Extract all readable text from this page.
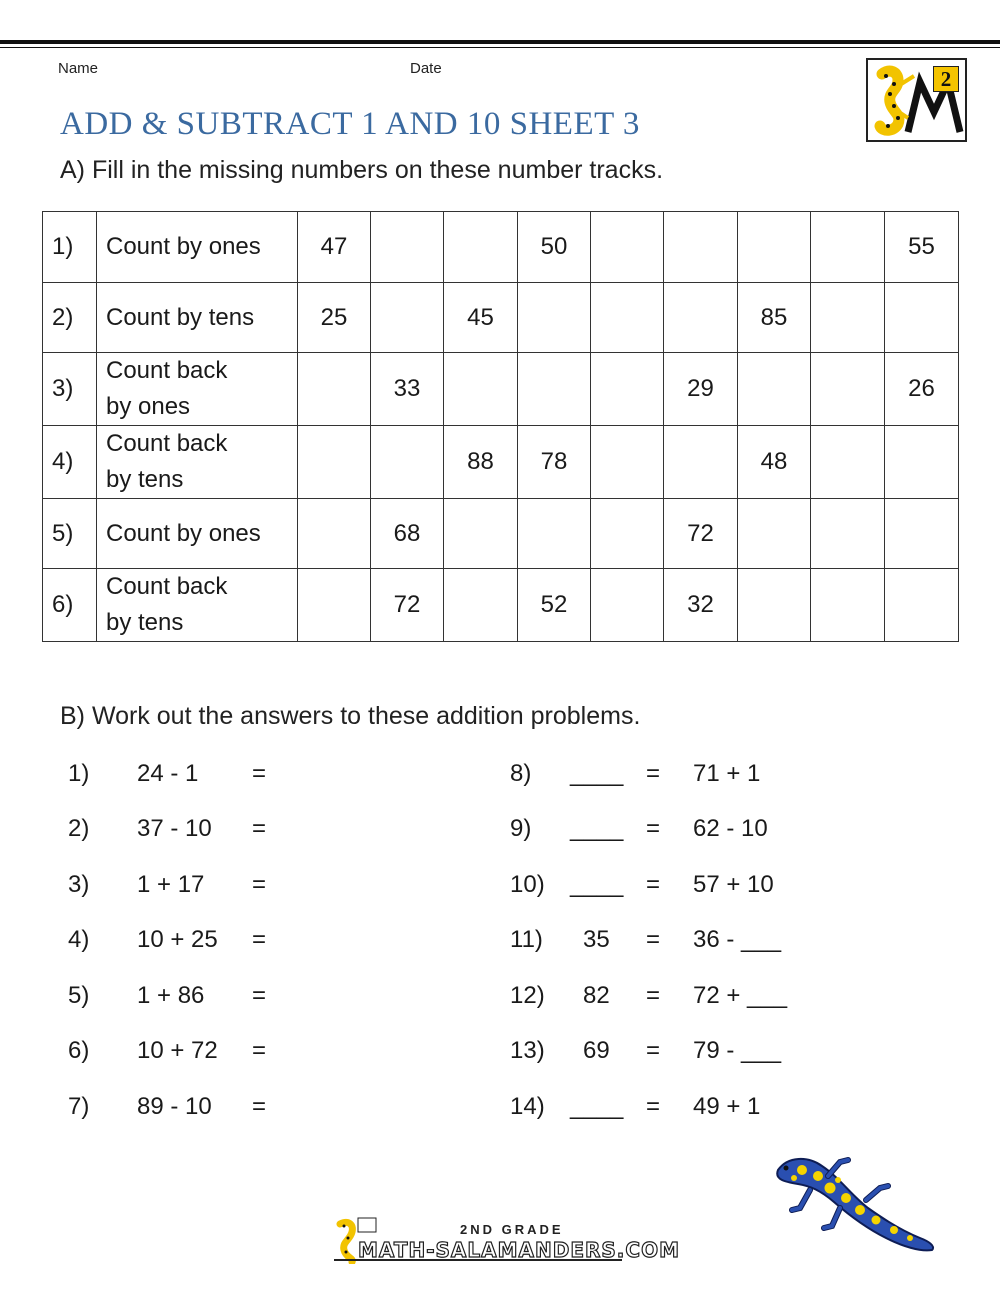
Name	Date	2
ADD & SUBTRACT 1 AND 10 SHEET 3
A) Fill in the missing numbers on these number tracks.
1)	Count by ones	47			50					55
2)	Count by tens	25		45				85		
3)	Count back
by ones		33				29			26
4)	Count back
by tens			88	78			48		
5)	Count by ones		68				72			
6)	Count back
by tens		72		52		32			
B) Work out the answers to these addition problems.
1) 24 - 1 =
2) 37 - 10 =
3) 1 + 17 =
4) 10 + 25 =
5) 1 + 86 =
6) 10 + 72 =
7) 89 - 10 =
8) ____ = 71 + 1
9) ____ = 62 - 10
10) ____ = 57 + 10
11) 35 = 36 - ___
12) 82 = 72 + ___
13) 69 = 79 - ___
14) ____ = 49 + 1
2ND GRADE
MATH-SALAMANDERS.COM
